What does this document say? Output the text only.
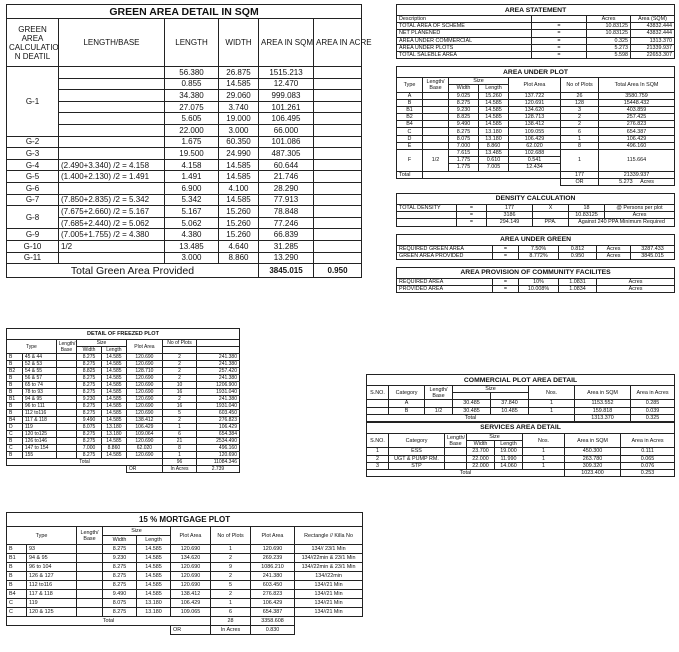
GREEN AREA DETAIL IN SQM					
GREEN AREA CALCULATIO N DEATIL	LENGTH/BASE	LENGTH	WIDTH	AREA IN SQM	AREA IN ACRE
G-1		56.380	26.875	1515.213	
		0.855	14.585	12.470	
		34.380	29.060	999.083	
		27.075	3.740	101.261	
		5.605	19.000	106.495	
		22.000	3.000	66.000	
G-2		1.675	60.350	101.086	
G-3		19.500	24.990	487.305	
G-4	(2.490+3.340) /2 = 4.158	4.158	14.585	60.644	
G-5	(1.400+2.130) /2 = 1.491	1.491	14.585	21.746	
G-6		6.900	4.100	28.290	
G-7	(7.850+2.835) /2 = 5.342	5.342	14.585	77.913	
G-8	(7.675+2.660) /2 = 5.167	5.167	15.260	78.848	
	(7.685+2.440) /2 = 5.062	5.062	15.260	77.246	
G-9	(7.005+1.755) /2 = 4.380	4.380	15.260	66.839	
G-10	1/2	13.485	4.640	31.285	
G-11		3.000	8.860	13.290	
Total Green Area Provided				3845.015	0.950
DETAIL OF FREEZED PLOT							
Type		Length/ Base	Size		Plot Area	No of Plots	
			Width	Length			
B	45 & 44		8.275	14.585	120.690	2	241.380
B	52 & 53		8.275	14.585	120.690	2	241.380
B2	54 & 55		8.825	14.585	128.710	2	257.420
B	56 & 57		8.275	14.585	120.690	2	241.380
B	65 to 74		8.275	14.585	120.690	10	1206.900
B	78 to 93		8.275	14.585	120.690	16	1931.040
B1	94 & 95		9.230	14.585	120.690	2	241.380
B	96 to 111		8.275	14.585	120.690	16	1931.040
B	112 to116		8.275	14.585	120.690	5	603.450
B4	117 & 118		9.490	14.585	138.412	2	276.823
D	119		8.075	13.180	106.429	1	106.429
C	120 to125		8.275	13.180	109.064	6	654.384
B	126 to146		8.275	14.585	120.690	21	2534.490
C	147 to 154		7.000	8.860	62.020	8	496.160
B	155		8.275	14.585	120.690	1	120.690
Total						96	11084.346
					OR	In Acres	2.739
15 % MORTGAGE PLOT								
Type		Length/ Base	Size		Plot Area	No of Plots	Plot Area	Rectangle // Killa No
			Width	Length				
B	93		8.275	14.585	120.690	1	120.690	134// 23/1 Min
B1	94 & 95		9.230	14.585	134.620	2	269.239	134//22min & 23/1 Min
B	96 to 104		8.275	14.585	120.690	9	1086.210	134//22min & 23/1 Min
B	126 & 127		8.275	14.585	120.690	2	241.380	134//22min
B	112 to116		8.275	14.585	120.690	5	603.450	134//21 Min
B4	117 & 118		9.490	14.585	138.412	2	276.823	134//21 Min
C	119		8.075	13.180	106.429	1	106.429	134//21 Min
C	120 & 125		8.275	13.180	109.065	6	654.387	134//21 Min
Total						28	3358.608	
					OR	In Acres	0.830	
AREA STATEMENT			
Description		Acres	Area (SQM)
TOTAL AREA OF SCHEME	=	10.83125	43832.444
NET PLANENED	=	10.83125	43832.444
AREA UNDER COMMERCIAL	=	0.325	1313.370
AREA UNDER PLOTS	=	5.273	21339.937
TOTAL SALEBLE AREA	=	5.598	22653.307
AREA UNDER PLOT						
Type	Length/ Base	Size		Plot Area	No of Plots	Total Area In SQM
		Width	Length			
A		9.025	15.260	137.722	26	3580.759
B		8.275	14.585	120.691	128	15448.432
B1		9.230	14.585	134.620	3	403.859
B2		8.825	14.585	128.713	2	257.425
B4		9.490	14.585	138.412	2	276.823
C		8.275	13.180	109.055	6	654.387
D		8.075	13.180	106.429	1	106.429
E		7.000	8.860	62.020	8	496.160
F	1/2	7.615	13.485	102.688	1	115.664
		1.775	0.610	0.541		
		1.775	7.005	12.434		
Total					177	21339.937
					OR	5.273 Acres
DENSITY CALCULATION					
TOTAL DENSITY	=	177	X	18	@ Persons per plot
	=	3186		10.83125	Acres
	=	294.149	PPA.	Against 240 PPA Minimum Required	
AREA UNDER GREEN					
REQUIRED GREEN AREA	=	7.50%	0.812	Acres	3287.433
GREEN AREA PROVIDED	=	8.772%	0.950	Acres	3845.015
AREA PROVISION OF COMMUNITY FACILITES				
REQUIRED AREA	=	10%	1.0831	Acres
PROVIDED AREA	=	10.008%	1.0834	Acres
COMMERCIAL PLOT AREA DETAIL							
S.NO.	Category	Length/ Base	Size		Nos.	Area in SQM	Area in Acres

	A		30.485	37.840	1	1153.552	0.285
	B	1/2	30.485	10.485	1	159.818	0.039
Total						1313.370	0.325
SERVICES AREA DETAIL							
S.NO.	Category	Length/ Base	Size		Nos.	Area in SQM	Area in Acres
			Width	Length			
1	ESS		23.700	19.000	1	450.300	0.111
2	UGT & PUMP RM.		22.000	11.990	1	263.780	0.065
3	STP		22.000	14.060	1	309.320	0.076
Total						1023.400	0.253
